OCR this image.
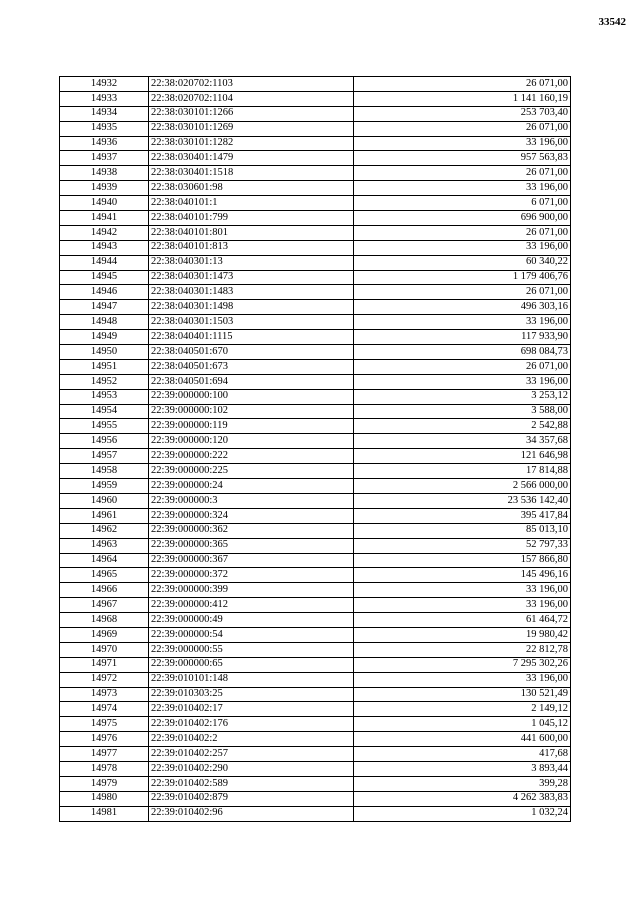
33542
14932	22:38:020702:1103	26 071,00
14933	22:38:020702:1104	1 141 160,19
14934	22:38:030101:1266	253 703,40
14935	22:38:030101:1269	26 071,00
14936	22:38:030101:1282	33 196,00
14937	22:38:030401:1479	957 563,83
14938	22:38:030401:1518	26 071,00
14939	22:38:030601:98	33 196,00
14940	22:38:040101:1	6 071,00
14941	22:38:040101:799	696 900,00
14942	22:38:040101:801	26 071,00
14943	22:38:040101:813	33 196,00
14944	22:38:040301:13	60 340,22
14945	22:38:040301:1473	1 179 406,76
14946	22:38:040301:1483	26 071,00
14947	22:38:040301:1498	496 303,16
14948	22:38:040301:1503	33 196,00
14949	22:38:040401:1115	117 933,90
14950	22:38:040501:670	698 084,73
14951	22:38:040501:673	26 071,00
14952	22:38:040501:694	33 196,00
14953	22:39:000000:100	3 253,12
14954	22:39:000000:102	3 588,00
14955	22:39:000000:119	2 542,88
14956	22:39:000000:120	34 357,68
14957	22:39:000000:222	121 646,98
14958	22:39:000000:225	17 814,88
14959	22:39:000000:24	2 566 000,00
14960	22:39:000000:3	23 536 142,40
14961	22:39:000000:324	395 417,84
14962	22:39:000000:362	85 013,10
14963	22:39:000000:365	52 797,33
14964	22:39:000000:367	157 866,80
14965	22:39:000000:372	145 496,16
14966	22:39:000000:399	33 196,00
14967	22:39:000000:412	33 196,00
14968	22:39:000000:49	61 464,72
14969	22:39:000000:54	19 980,42
14970	22:39:000000:55	22 812,78
14971	22:39:000000:65	7 295 302,26
14972	22:39:010101:148	33 196,00
14973	22:39:010303:25	130 521,49
14974	22:39:010402:17	2 149,12
14975	22:39:010402:176	1 045,12
14976	22:39:010402:2	441 600,00
14977	22:39:010402:257	417,68
14978	22:39:010402:290	3 893,44
14979	22:39:010402:589	399,28
14980	22:39:010402:879	4 262 383,83
14981	22:39:010402:96	1 032,24
